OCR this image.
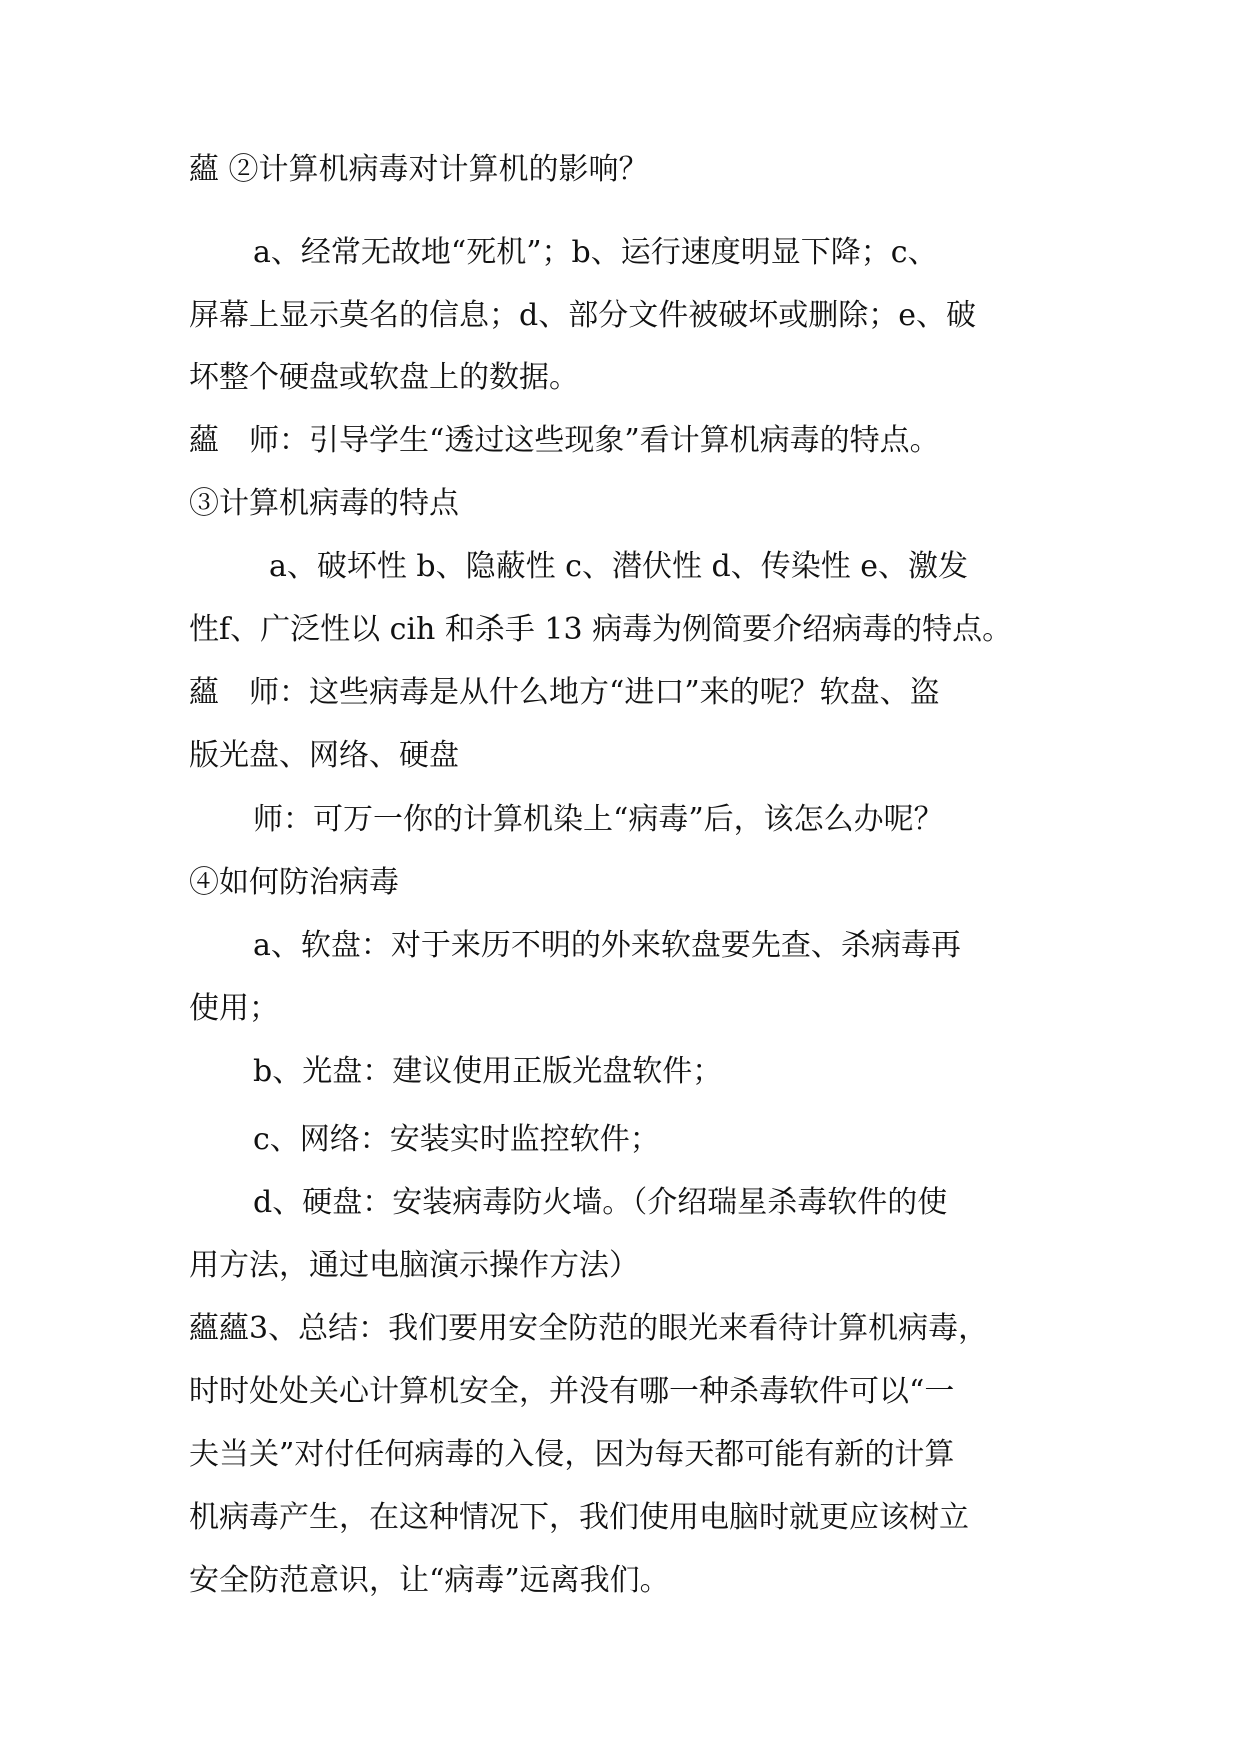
蘊 ②计算机病毒对计算机的影响？

a、经常无故地“死机”；b、运行速度明显下降；c、

屏幕上显示莫名的信息；d、部分文件被破坏或删除；e、破

坏整个硬盘或软盘上的数据。

蘊　师：引导学生“透过这些现象”看计算机病毒的特点。

③计算机病毒的特点

a、破坏性 b、隐蔽性 c、潜伏性 d、传染性 e、激发

性f、广泛性以 cih 和杀手 13 病毒为例简要介绍病毒的特点。

蘊　师：这些病毒是从什么地方“进口”来的呢？软盘、盗

版光盘、网络、硬盘

师：可万一你的计算机染上“病毒”后，该怎么办呢？

④如何防治病毒

a、软盘：对于来历不明的外来软盘要先查、杀病毒再

使用；

b、光盘：建议使用正版光盘软件；

c、网络：安装实时监控软件；

d、硬盘：安装病毒防火墙。（介绍瑞星杀毒软件的使

用方法，通过电脑演示操作方法）

蘊蘊3、总结：我们要用安全防范的眼光来看待计算机病毒，

时时处处关心计算机安全，并没有哪一种杀毒软件可以“一

夫当关”对付任何病毒的入侵，因为每天都可能有新的计算

机病毒产生，在这种情况下，我们使用电脑时就更应该树立

安全防范意识，让“病毒”远离我们。
